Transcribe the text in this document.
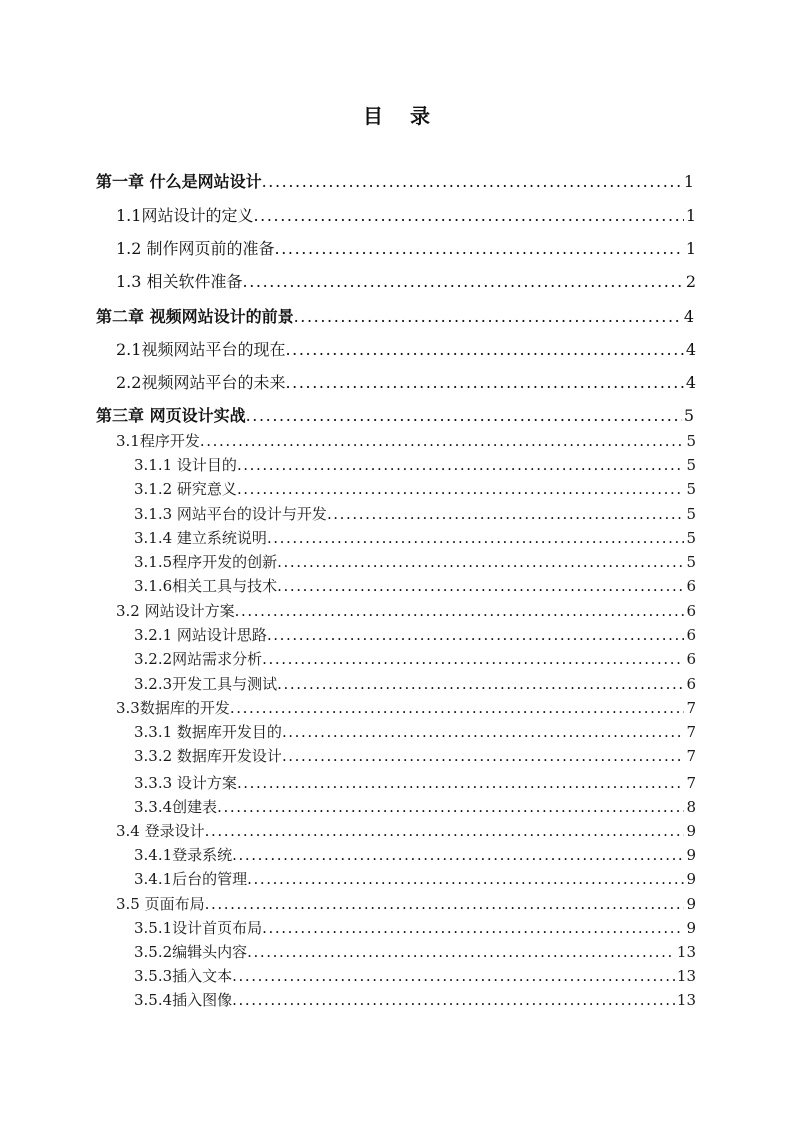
目 录
第一章 什么是网站设计 .....	1
1.1网站设计的定义 .....	1
1.2 制作网页前的准备 .....	1
1.3 相关软件准备 .....	2
第二章 视频网站设计的前景 .....	4
2.1视频网站平台的现在 .....	4
2.2视频网站平台的未来 .....	4
第三章 网页设计实战 .....	5
3.1程序开发 .....	5
3.1.1 设计目的 .....	5
3.1.2 研究意义 .....	5
3.1.3 网站平台的设计与开发 .....	5
3.1.4 建立系统说明 .....	5
3.1.5程序开发的创新 .....	5
3.1.6相关工具与技术 .....	6
3.2 网站设计方案 .....	6
3.2.1 网站设计思路 .....	6
3.2.2网站需求分析 .....	6
3.2.3开发工具与测试 .....	6
3.3数据库的开发 .....	7
3.3.1 数据库开发目的 .....	7
3.3.2 数据库开发设计 .....	7
3.3.3 设计方案 .....	7
3.3.4创建表 .....	8
3.4 登录设计 .....	9
3.4.1登录系统 .....	9
3.4.1后台的管理 .....	9
3.5 页面布局 .....	9
3.5.1设计首页布局 .....	9
3.5.2编辑头内容 .....	13
3.5.3插入文本 .....	13
3.5.4插入图像 .....	13
